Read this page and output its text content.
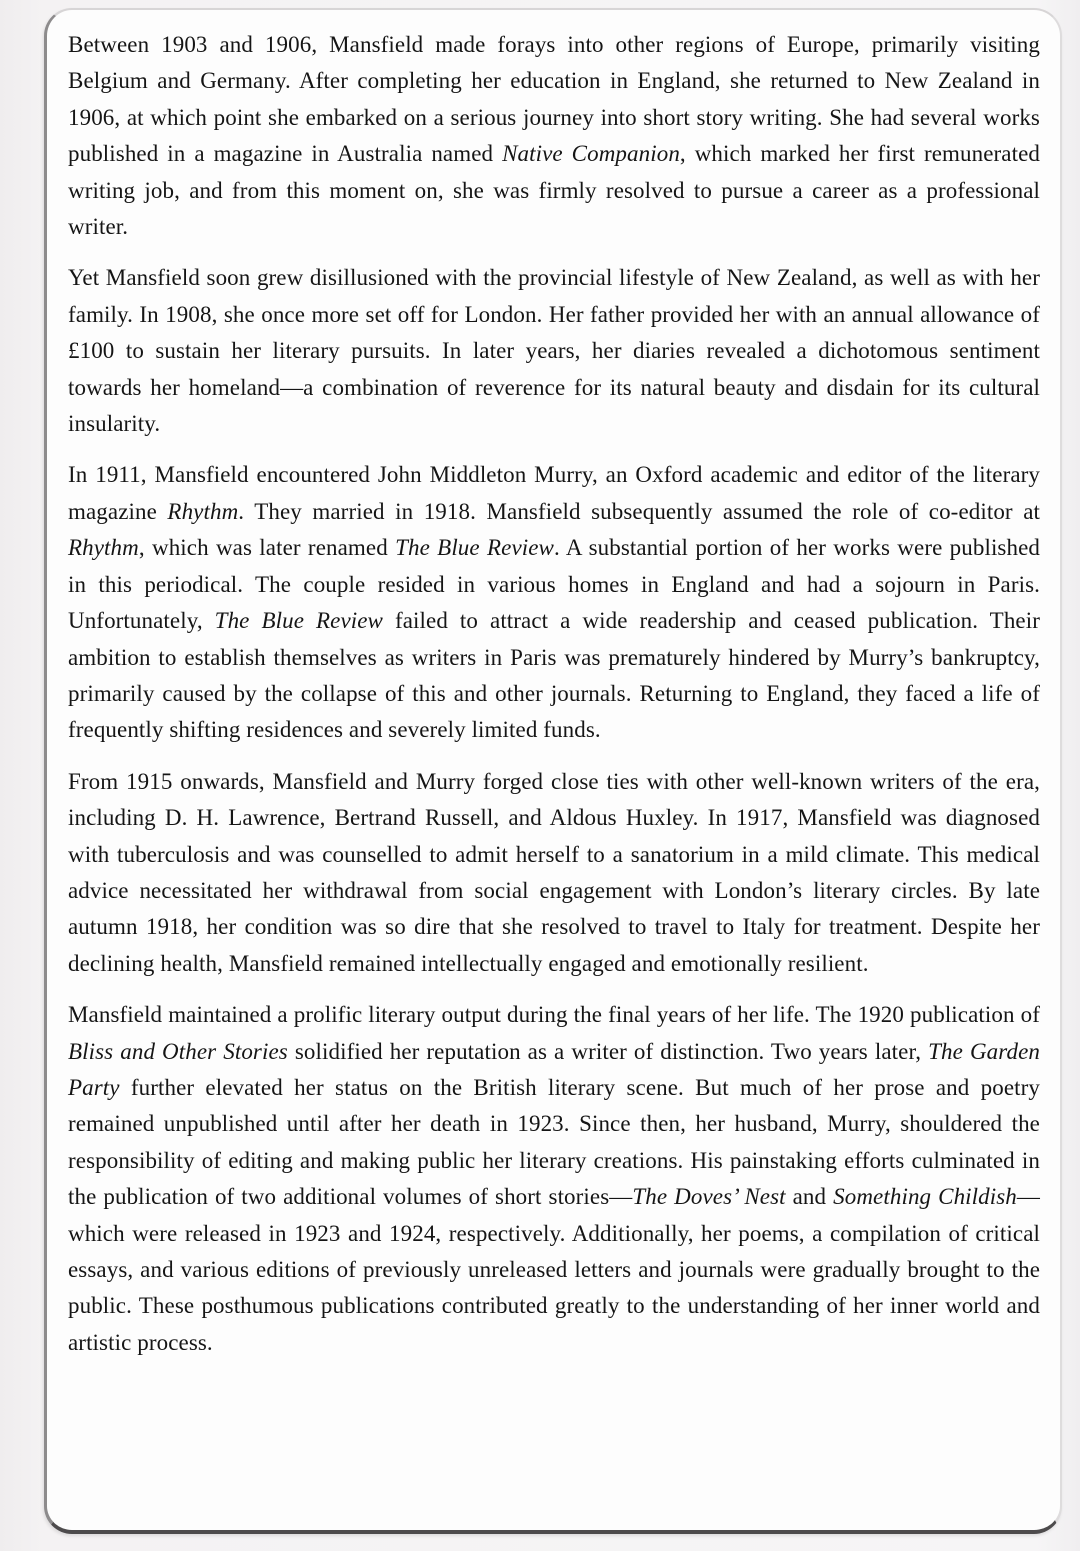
Between 1903 and 1906, Mansfield made forays into other regions of Europe, primarily visiting Belgium and Germany. After completing her education in England, she returned to New Zealand in 1906, at which point she embarked on a serious journey into short story writing. She had several works published in a magazine in Australia named Native Companion, which marked her first remunerated writing job, and from this moment on, she was firmly resolved to pursue a career as a professional writer.

Yet Mansfield soon grew disillusioned with the provincial lifestyle of New Zealand, as well as with her family. In 1908, she once more set off for London. Her father provided her with an annual allowance of £100 to sustain her literary pursuits. In later years, her diaries revealed a dichotomous sentiment towards her homeland—a combination of reverence for its natural beauty and disdain for its cultural insularity.

In 1911, Mansfield encountered John Middleton Murry, an Oxford academic and editor of the literary magazine Rhythm. They married in 1918. Mansfield subsequently assumed the role of co-editor at Rhythm, which was later renamed The Blue Review. A substantial portion of her works were published in this periodical. The couple resided in various homes in England and had a sojourn in Paris. Unfortunately, The Blue Review failed to attract a wide readership and ceased publication. Their ambition to establish themselves as writers in Paris was prematurely hindered by Murry’s bankruptcy, primarily caused by the collapse of this and other journals. Returning to England, they faced a life of frequently shifting residences and severely limited funds.

From 1915 onwards, Mansfield and Murry forged close ties with other well-known writers of the era, including D. H. Lawrence, Bertrand Russell, and Aldous Huxley. In 1917, Mansfield was diagnosed with tuberculosis and was counselled to admit herself to a sanatorium in a mild climate. This medical advice necessitated her withdrawal from social engagement with London’s literary circles. By late autumn 1918, her condition was so dire that she resolved to travel to Italy for treatment. Despite her declining health, Mansfield remained intellectually engaged and emotionally resilient.

Mansfield maintained a prolific literary output during the final years of her life. The 1920 publication of Bliss and Other Stories solidified her reputation as a writer of distinction. Two years later, The Garden Party further elevated her status on the British literary scene. But much of her prose and poetry remained unpublished until after her death in 1923. Since then, her husband, Murry, shouldered the responsibility of editing and making public her literary creations. His painstaking efforts culminated in the publication of two additional volumes of short stories—The Doves’ Nest and Something Childish—which were released in 1923 and 1924, respectively. Additionally, her poems, a compilation of critical essays, and various editions of previously unreleased letters and journals were gradually brought to the public. These posthumous publications contributed greatly to the understanding of her inner world and artistic process.
